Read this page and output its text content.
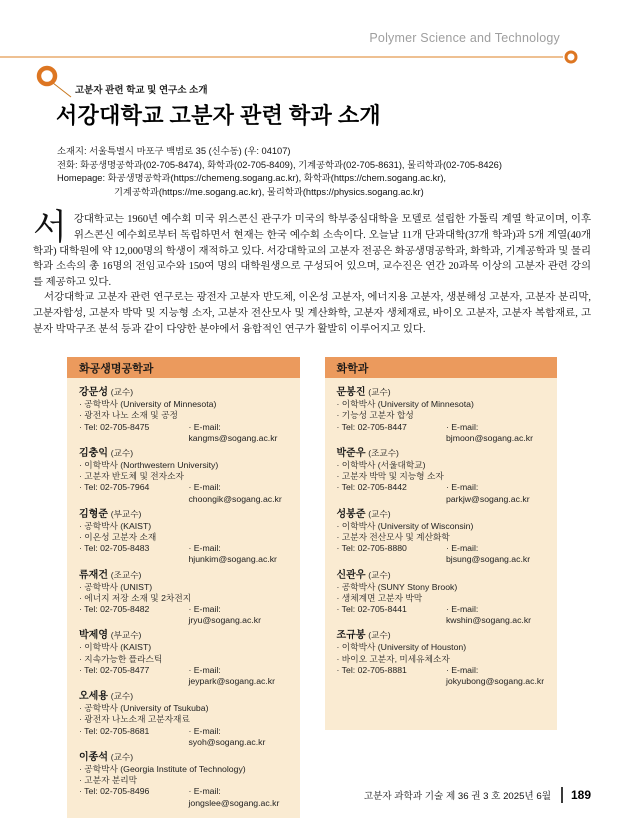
Polymer Science and Technology
고분자 관련 학교 및 연구소 소개
서강대학교 고분자 관련 학과 소개
소재지: 서울특별시 마포구 백범로 35 (신수동) (우: 04107)
전화: 화공생명공학과(02-705-8474), 화학과(02-705-8409), 기계공학과(02-705-8631), 물리학과(02-705-8426)
Homepage: 화공생명공학과(https://chemeng.sogang.ac.kr), 화학과(https://chem.sogang.ac.kr),
기계공학과(https://me.sogang.ac.kr), 물리학과(https://physics.sogang.ac.kr)

서강대학교는 1960년 예수회 미국 위스콘신 관구가 미국의 학부중심대학을 모델로 설립한 가톨릭 계열 학교이며, 이후 위스콘신 예수회로부터 독립하면서 현재는 한국 예수회 소속이다. 오늘날 11개 단과대학(37개 학과)과 5개 계열(40개 학과) 대학원에 약 12,000명의 학생이 재적하고 있다. 서강대학교의 고분자 전공은 화공생명공학과, 화학과, 기계공학과 및 물리학과 소속의 총 16명의 전임교수와 150여 명의 대학원생으로 구성되어 있으며, 교수진은 연간 20과목 이상의 고분자 관련 강의를 제공하고 있다.

서강대학교 고분자 관련 연구로는 광전자 고분자 반도체, 이온성 고분자, 에너지용 고분자, 생분해성 고분자, 고분자 분리막, 고분자합성, 고분자 박막 및 지능형 소자, 고분자 전산모사 및 계산화학, 고분자 생체재료, 바이오 고분자, 고분자 복합재료, 고분자 박막구조 분석 등과 같이 다양한 분야에서 융합적인 연구가 활발히 이루어지고 있다.

화공생명공학과
강문성 (교수)
· 공학박사 (University of Minnesota)
· 광전자 나노 소재 및 공정
· Tel: 02-705-8475	· E-mail: kangms@sogang.ac.kr
김충익 (교수)
· 이학박사 (Northwestern University)
· 고분자 반도체 및 전자소자
· Tel: 02-705-7964	· E-mail: choongik@sogang.ac.kr
김형준 (부교수)
· 공학박사 (KAIST)
· 이온성 고분자 소재
· Tel: 02-705-8483	· E-mail: hjunkim@sogang.ac.kr
류재건 (조교수)
· 공학박사 (UNIST)
· 에너지 저장 소재 및 2차전지
· Tel: 02-705-8482	· E-mail: jryu@sogang.ac.kr
박제영 (부교수)
· 이학박사 (KAIST)
· 지속가능한 플라스틱
· Tel: 02-705-8477	· E-mail: jeypark@sogang.ac.kr
오세용 (교수)
· 공학박사 (University of Tsukuba)
· 광전자 나노소재 고분자재료
· Tel: 02-705-8681	· E-mail: syoh@sogang.ac.kr
이종석 (교수)
· 공학박사 (Georgia Institute of Technology)
· 고분자 분리막
· Tel: 02-705-8496	· E-mail: jongslee@sogang.ac.kr
화학과
문봉진 (교수)
· 이학박사 (University of Minnesota)
· 기능성 고분자 합성
· Tel: 02-705-8447	· E-mail: bjmoon@sogang.ac.kr
박준우 (조교수)
· 이학박사 (서울대학교)
· 고분자 박막 및 지능형 소자
· Tel: 02-705-8442	· E-mail: parkjw@sogang.ac.kr
성봉준 (교수)
· 이학박사 (University of Wisconsin)
· 고분자 전산모사 및 계산화학
· Tel: 02-705-8880	· E-mail: bjsung@sogang.ac.kr
신관우 (교수)
· 공학박사 (SUNY Stony Brook)
· 생체계면 고분자 박막
· Tel: 02-705-8441	· E-mail: kwshin@sogang.ac.kr
조규봉 (교수)
· 이학박사 (University of Houston)
· 바이오 고분자, 미세유체소자
· Tel: 02-705-8881	· E-mail: jokyubong@sogang.ac.kr
고분자 과학과 기술 제 36 권 3 호 2025년 6월 189
